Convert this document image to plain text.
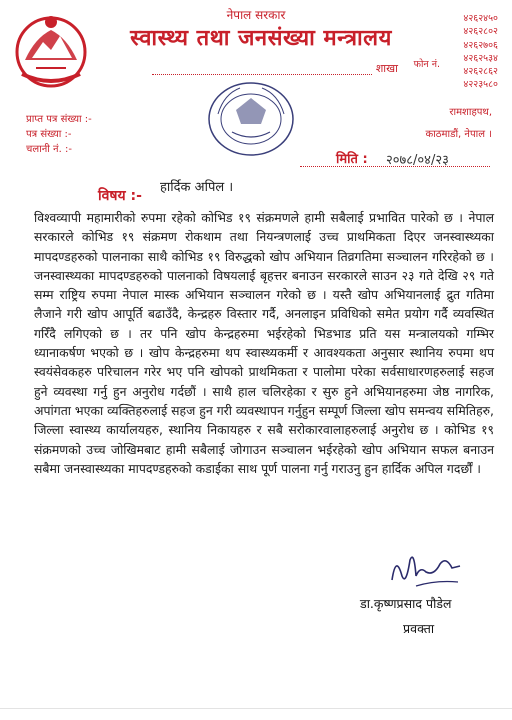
नेपाल सरकार
स्वास्थ्य तथा जनसंख्या मन्त्रालय
शाखा
४२६२४५०
४२६२८०२
४२६२७०६
४२६२५३४
४२६२८६२
४२२३५८०
फोन नं.
प्राप्त पत्र संख्या :-
पत्र संख्या :-
चलानी नं. :-
रामशाहपथ,
काठमाडौं, नेपाल ।
मिति : २०७८/०४/२३
हार्दिक अपिल ।
विषय :-
विश्वव्यापी महामारीको रुपमा रहेको कोभिड १९ संक्रमणले हामी सबैलाई प्रभावित पारेको छ । नेपाल सरकारले कोभिड १९ संक्रमण रोकथाम तथा नियन्त्रणलाई उच्च प्राथमिकता दिएर जनस्वास्थ्यका मापदण्डहरुको पालनाका साथै कोभिड १९ विरुद्धको खोप अभियान तिव्रगतिमा सञ्चालन गरिरहेको छ । जनस्वास्थ्यका मापदण्डहरुको पालनाको विषयलाई बृहत्तर बनाउन सरकारले साउन २३ गते देखि २९ गते सम्म राष्ट्रिय रुपमा नेपाल मास्क अभियान सञ्चालन गरेको छ । यस्तै खोप अभियानलाई द्रुत गतिमा लैजाने गरी खोप आपूर्ति बढाउँदै, केन्द्रहरु विस्तार गर्दै, अनलाइन प्रविधिको समेत प्रयोग गर्दै व्यवस्थित गरिँदै लगिएको छ । तर पनि खोप केन्द्रहरुमा भईरहेको भिडभाड प्रति यस मन्त्रालयको गम्भिर ध्यानाकर्षण भएको छ । खोप केन्द्रहरुमा थप स्वास्थ्यकर्मी र आवश्यकता अनुसार स्थानिय रुपमा थप स्वयंसेवकहरु परिचालन गरेर भए पनि खोपको प्राथमिकता र पालोमा परेका सर्वसाधारणहरुलाई सहज हुने व्यवस्था गर्नु हुन अनुरोध गर्दछौं । साथै हाल चलिरहेका र सुरु हुने अभियानहरुमा जेष्ठ नागरिक, अपांगता भएका व्यक्तिहरुलाई सहज हुन गरी व्यवस्थापन गर्नुहुन सम्पूर्ण जिल्ला खोप समन्वय समितिहरु, जिल्ला स्वास्थ्य कार्यालयहरु, स्थानिय निकायहरु र सबै सरोकारवालाहरुलाई अनुरोध छ । कोभिड १९ संक्रमणको उच्च जोखिमबाट हामी सबैलाई जोगाउन सञ्चालन भईरहेको खोप अभियान सफल बनाउन सबैमा जनस्वास्थ्यका मापदण्डहरुको कडाईका साथ पूर्ण पालना गर्नु गराउनु हुन हार्दिक अपिल गदर्छौं ।
डा.कृष्णप्रसाद पौडेल
प्रवक्ता
